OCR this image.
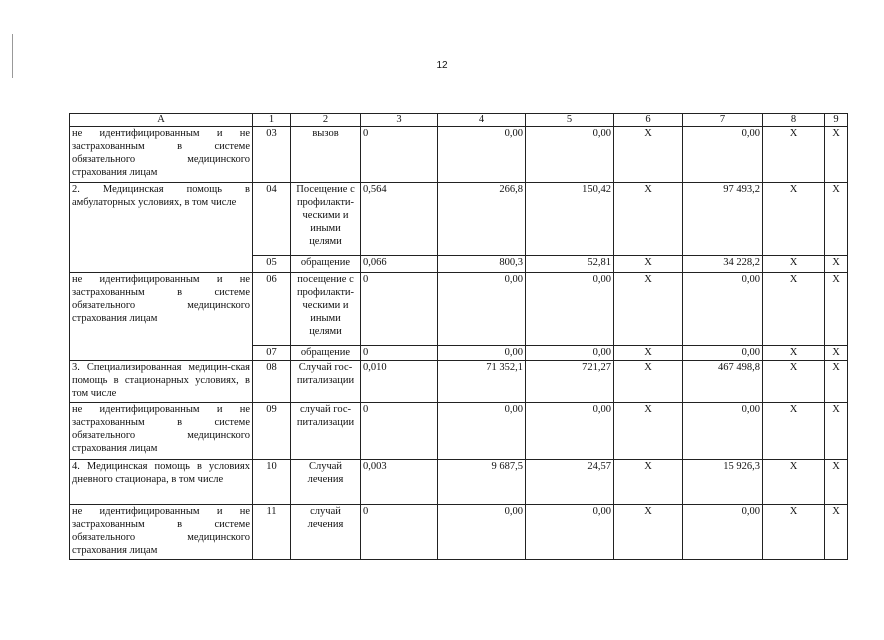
12
А	1	2	3	4	5	6	7	8	9
не идентифицированным и не застрахованным в системе обязательного медицинского страхования лицам	03	вызов	0	0,00	0,00	X	0,00	X	X
2. Медицинская помощь в амбулаторных условиях, в том числе	04	Посещение с профилакти-ческими и иными целями	0,564	266,8	150,42	X	97 493,2	X	X
	05	обращение	0,066	800,3	52,81	X	34 228,2	X	X
не идентифицированным и не застрахованным в системе обязательного медицинского страхования лицам	06	посещение с профилакти-ческими и иными целями	0	0,00	0,00	X	0,00	X	X
	07	обращение	0	0,00	0,00	X	0,00	X	X
3. Специализированная медицин-ская помощь в стационарных условиях, в том числе	08	Случай гос-питализации	0,010	71 352,1	721,27	X	467 498,8	X	X
не идентифицированным и не застрахованным в системе обязательного медицинского страхования лицам	09	случай гос-питализации	0	0,00	0,00	X	0,00	X	X
4. Медицинская помощь в условиях дневного стационара, в том числе	10	Случай лечения	0,003	9 687,5	24,57	X	15 926,3	X	X
не идентифицированным и не застрахованным в системе обязательного медицинского страхования лицам	11	случай лечения	0	0,00	0,00	X	0,00	X	X
